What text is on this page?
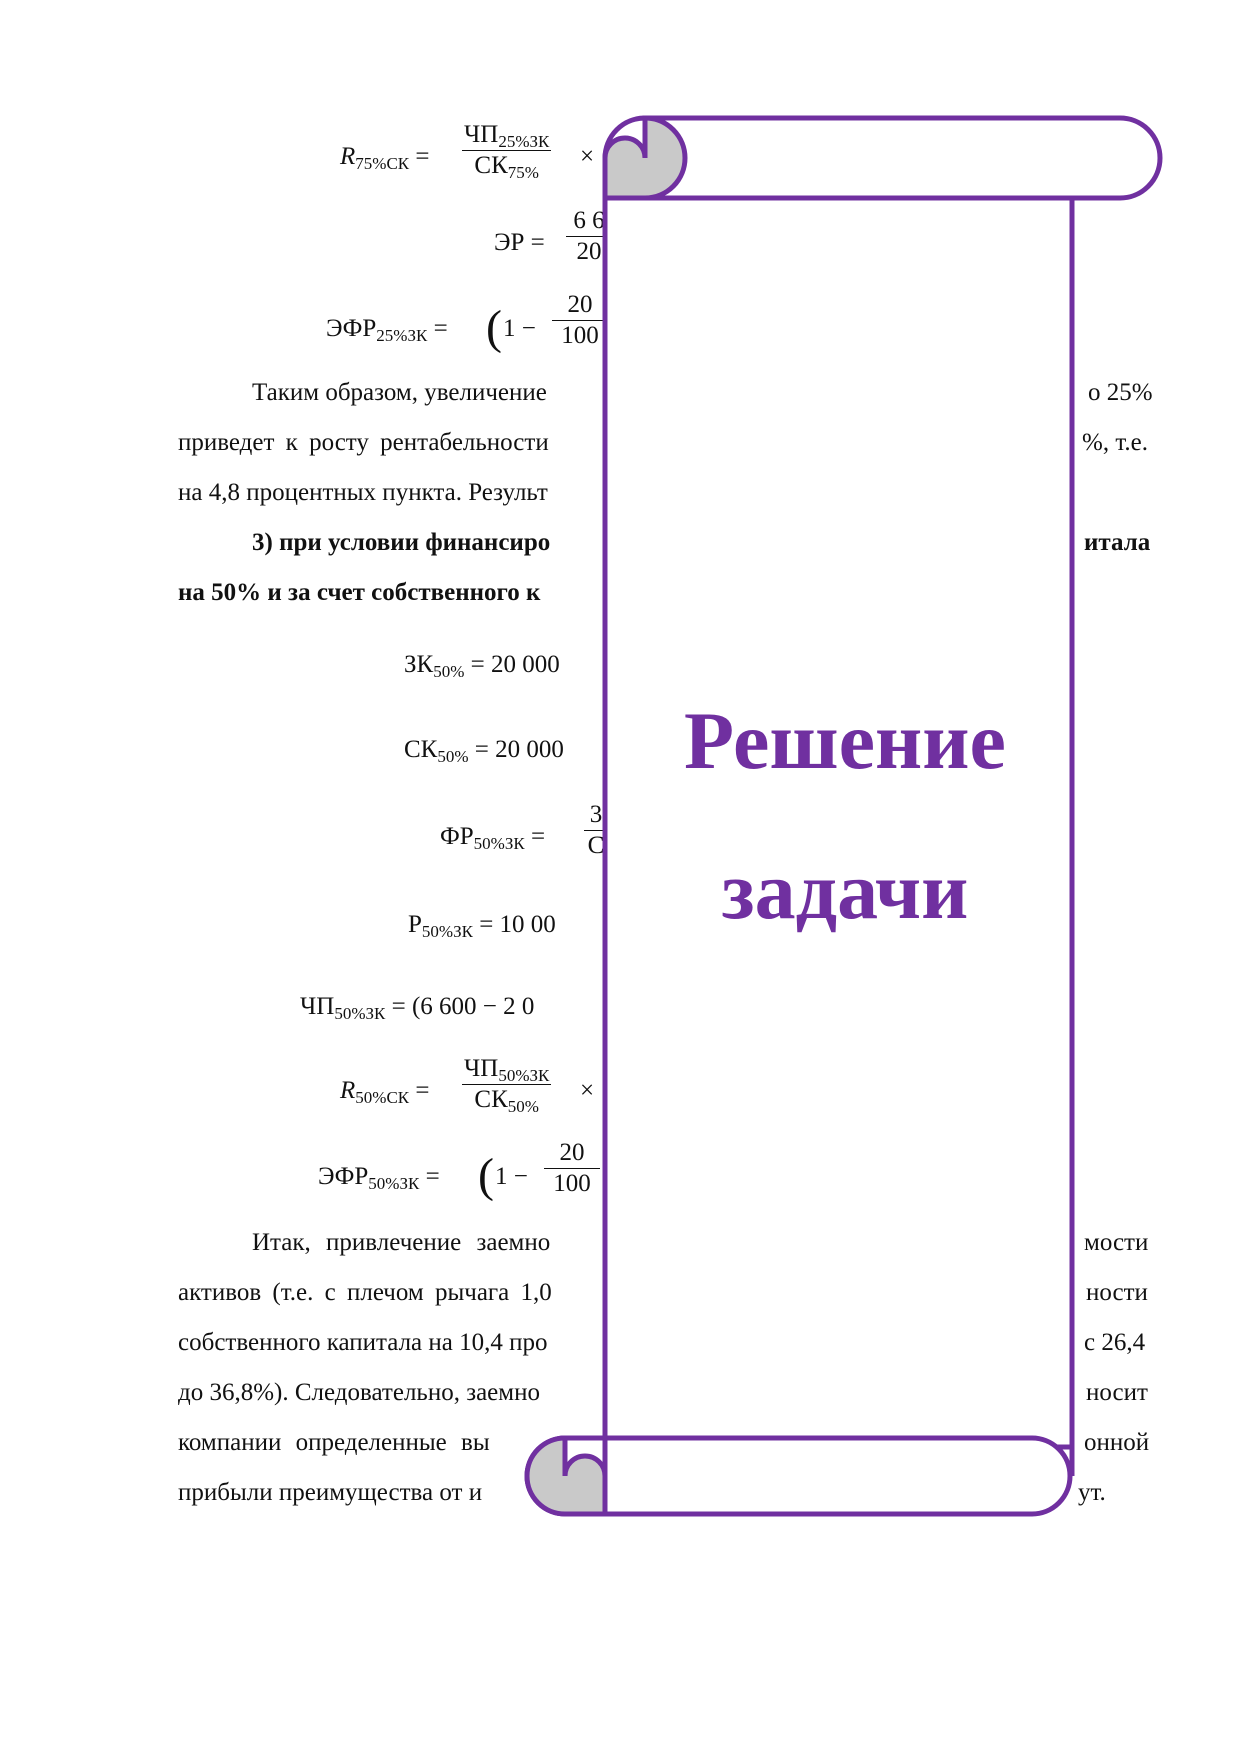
$R_{75\%СК}$ =
$ЧП_{25\%ЗК}$
$СК_{75\%}$
×
ЭР = $\frac{6 6}{20}$
$ЭФР_{25\%ЗК}$ = ( $1 - \frac{20}{100}$
Таким образом, увеличение	о 25%
приведет к росту рентабельности	%, т.е.
на 4,8 процентных пункта. Результ
3) при условии финансиро	итала
на 50% и за счет собственного к
$ЗК_{50\%} = 20$ 000
$СК_{50\%} = 20$ 000
$ФР_{50\%ЗК}$ =
3
С
$Р_{50\%ЗК} = 10$ 00
$ЧП_{50\%ЗК} = (6$ 600 − 2 0
$R_{50\%СК}$ =
$ЧП_{50\%ЗК}$
$СК_{50\%}$
×
$ЭФР_{50\%ЗК}$ = ( $1 - \frac{20}{100}$
Итак, привлечение заемно	мости
активов (т.е. с плечом рычага 1,0	ности
собственного капитала на 10,4 про	с 26,4
до 36,8%). Следовательно, заемно	носит
компании определенные вы	онной
прибыли преимущества от и	ут.
Решение
задачи
